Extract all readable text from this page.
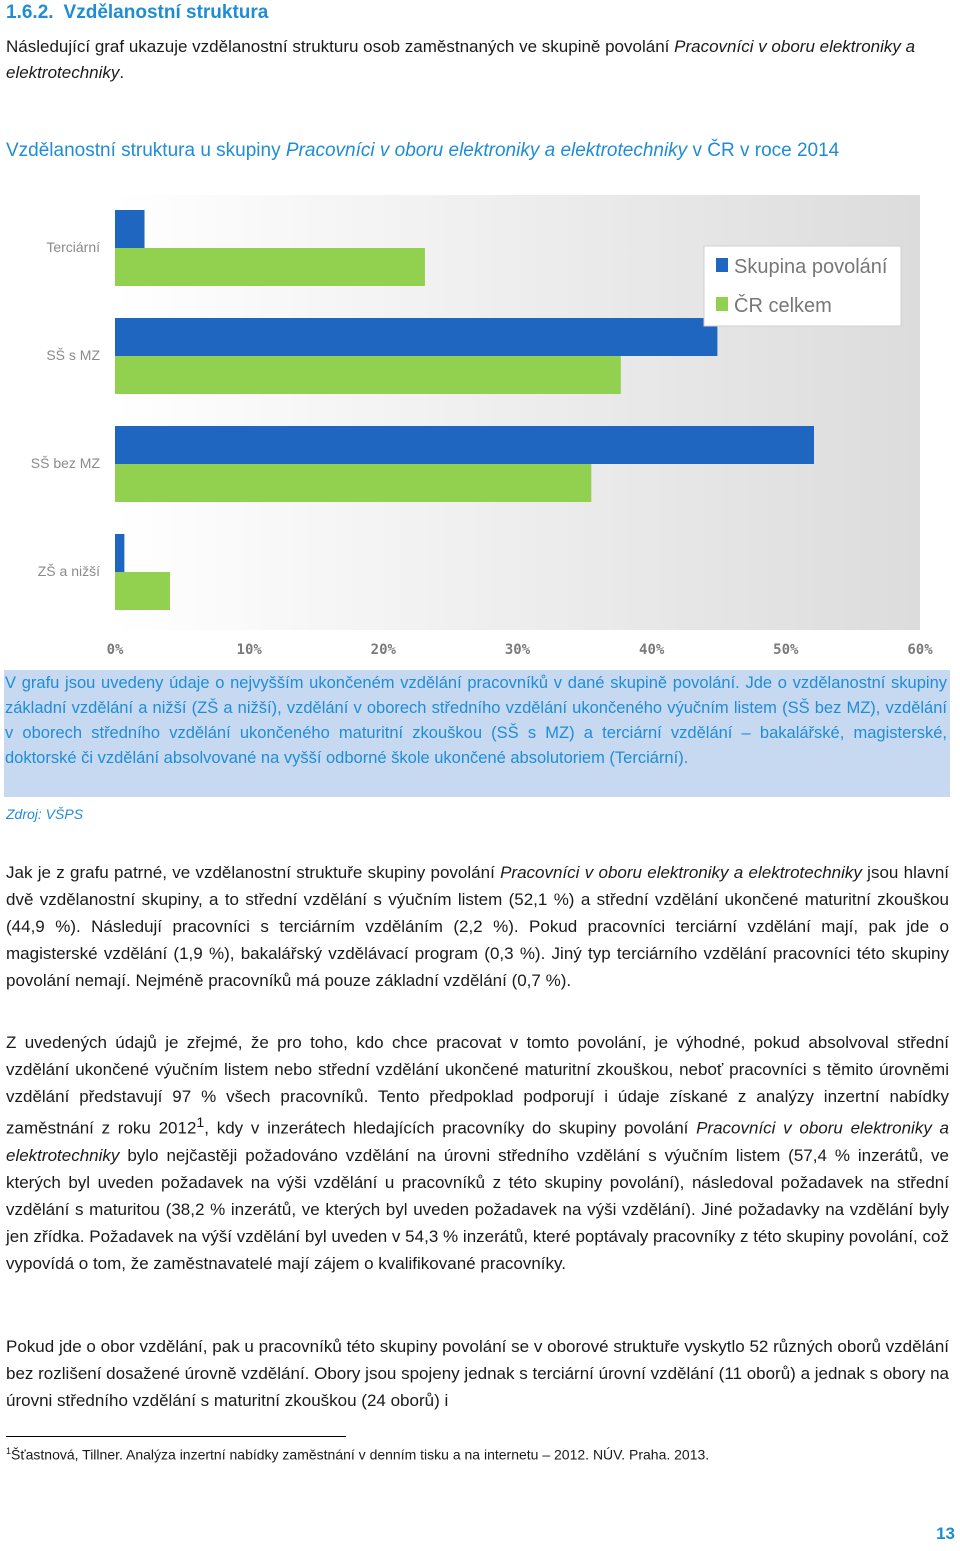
1.6.2. Vzdělanostní struktura

Následující graf ukazuje vzdělanostní strukturu osob zaměstnaných ve skupině povolání Pracovníci v oboru elektroniky a elektrotechniky.

Vzdělanostní struktura u skupiny Pracovníci v oboru elektroniky a elektrotechniky v ČR v roce 2014
Terciární
SŠ s MZ
SŠ bez MZ
ZŠ a nižší
0%	10%	20%	30%	40%	50%	60%
Skupina povolání
ČR celkem

V grafu jsou uvedeny údaje o nejvyšším ukončeném vzdělání pracovníků v dané skupině povolání. Jde o vzdělanostní skupiny základní vzdělání a nižší (ZŠ a nižší), vzdělání v oborech středního vzdělání ukončeného výučním listem (SŠ bez MZ), vzdělání v oborech středního vzdělání ukončeného maturitní zkouškou (SŠ s MZ) a terciární vzdělání – bakalářské, magisterské, doktorské či vzdělání absolvované na vyšší odborné škole ukončené absolutoriem (Terciární).

Zdroj: VŠPS

Jak je z grafu patrné, ve vzdělanostní struktuře skupiny povolání Pracovníci v oboru elektroniky a elektrotechniky jsou hlavní dvě vzdělanostní skupiny, a to střední vzdělání s výučním listem (52,1 %) a střední vzdělání ukončené maturitní zkouškou (44,9 %). Následují pracovníci s terciárním vzděláním (2,2 %). Pokud pracovníci terciární vzdělání mají, pak jde o magisterské vzdělání (1,9 %), bakalářský vzdělávací program (0,3 %). Jiný typ terciárního vzdělání pracovníci této skupiny povolání nemají. Nejméně pracovníků má pouze základní vzdělání (0,7 %).

Z uvedených údajů je zřejmé, že pro toho, kdo chce pracovat v tomto povolání, je výhodné, pokud absolvoval střední vzdělání ukončené výučním listem nebo střední vzdělání ukončené maturitní zkouškou, neboť pracovníci s těmito úrovněmi vzdělání představují 97 % všech pracovníků. Tento předpoklad podporují i údaje získané z analýzy inzertní nabídky zaměstnání z roku 2012$^1$, kdy v inzerátech hledajících pracovníky do skupiny povolání Pracovníci v oboru elektroniky a elektrotechniky bylo nejčastěji požadováno vzdělání na úrovni středního vzdělání s výučním listem (57,4 % inzerátů, ve kterých byl uveden požadavek na výši vzdělání u pracovníků z této skupiny povolání), následoval požadavek na střední vzdělání s maturitou (38,2 % inzerátů, ve kterých byl uveden požadavek na výši vzdělání). Jiné požadavky na vzdělání byly jen zřídka. Požadavek na výší vzdělání byl uveden v 54,3 % inzerátů, které poptávaly pracovníky z této skupiny povolání, což vypovídá o tom, že zaměstnavatelé mají zájem o kvalifikované pracovníky.

Pokud jde o obor vzdělání, pak u pracovníků této skupiny povolání se v oborové struktuře vyskytlo 52 různých oborů vzdělání bez rozlišení dosažené úrovně vzdělání. Obory jsou spojeny jednak s terciární úrovní vzdělání (11 oborů) a jednak s obory na úrovni středního vzdělání s maturitní zkouškou (24 oborů) i

$^1$Šťastnová, Tillner. Analýza inzertní nabídky zaměstnání v denním tisku a na internetu – 2012. NÚV. Praha. 2013.

13
